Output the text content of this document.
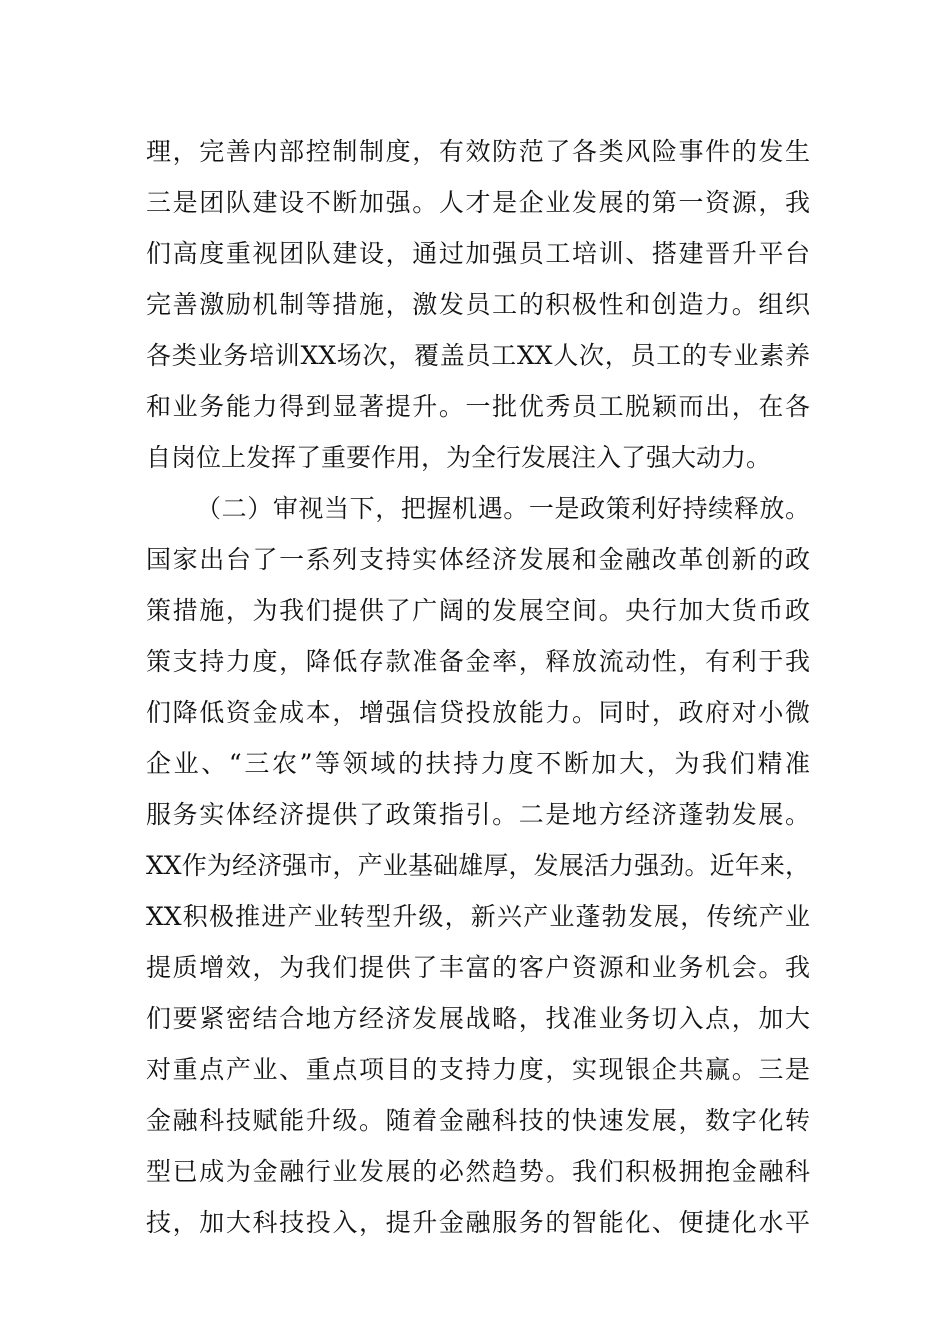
理，完善内部控制制度，有效防范了各类风险事件的发生
三是团队建设不断加强。人才是企业发展的第一资源，我
们高度重视团队建设，通过加强员工培训、搭建晋升平台
完善激励机制等措施，激发员工的积极性和创造力。组织
各类业务培训XX场次，覆盖员工XX人次，员工的专业素养
和业务能力得到显著提升。一批优秀员工脱颖而出，在各
自岗位上发挥了重要作用，为全行发展注入了强大动力。
（二）审视当下，把握机遇。一是政策利好持续释放。
国家出台了一系列支持实体经济发展和金融改革创新的政
策措施，为我们提供了广阔的发展空间。央行加大货币政
策支持力度，降低存款准备金率，释放流动性，有利于我
们降低资金成本，增强信贷投放能力。同时，政府对小微
企业、“三农”等领域的扶持力度不断加大，为我们精准
服务实体经济提供了政策指引。二是地方经济蓬勃发展。
XX作为经济强市，产业基础雄厚，发展活力强劲。近年来，
XX积极推进产业转型升级，新兴产业蓬勃发展，传统产业
提质增效，为我们提供了丰富的客户资源和业务机会。我
们要紧密结合地方经济发展战略，找准业务切入点，加大
对重点产业、重点项目的支持力度，实现银企共赢。三是
金融科技赋能升级。随着金融科技的快速发展，数字化转
型已成为金融行业发展的必然趋势。我们积极拥抱金融科
技，加大科技投入，提升金融服务的智能化、便捷化水平
